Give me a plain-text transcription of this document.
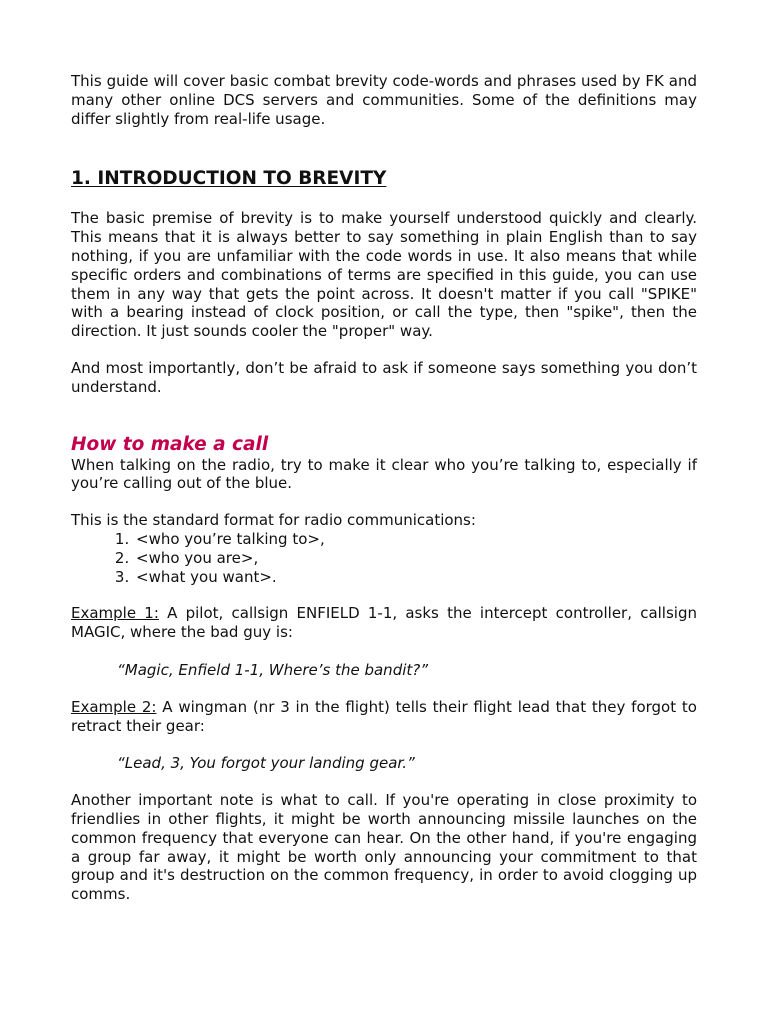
This guide will cover basic combat brevity code-words and phrases used by FK and many other online DCS servers and communities. Some of the definitions may differ slightly from real-life usage.

1. INTRODUCTION TO BREVITY

The basic premise of brevity is to make yourself understood quickly and clearly. This means that it is always better to say something in plain English than to say nothing, if you are unfamiliar with the code words in use. It also means that while specific orders and combinations of terms are specified in this guide, you can use them in any way that gets the point across. It doesn't matter if you call "SPIKE" with a bearing instead of clock position, or call the type, then "spike", then the direction. It just sounds cooler the "proper" way.

And most importantly, don’t be afraid to ask if someone says something you don’t understand.

How to make a call

When talking on the radio, try to make it clear who you’re talking to, especially if you’re calling out of the blue.

This is the standard format for radio communications:

1. <who you’re talking to>,
2. <who you are>,
3. <what you want>.

Example 1: A pilot, callsign ENFIELD 1-1, asks the intercept controller, callsign MAGIC, where the bad guy is:

“Magic, Enfield 1-1, Where’s the bandit?”

Example 2: A wingman (nr 3 in the flight) tells their flight lead that they forgot to retract their gear:

“Lead, 3, You forgot your landing gear.”

Another important note is what to call. If you're operating in close proximity to friendlies in other flights, it might be worth announcing missile launches on the common frequency that everyone can hear. On the other hand, if you're engaging a group far away, it might be worth only announcing your commitment to that group and it's destruction on the common frequency, in order to avoid clogging up comms.
